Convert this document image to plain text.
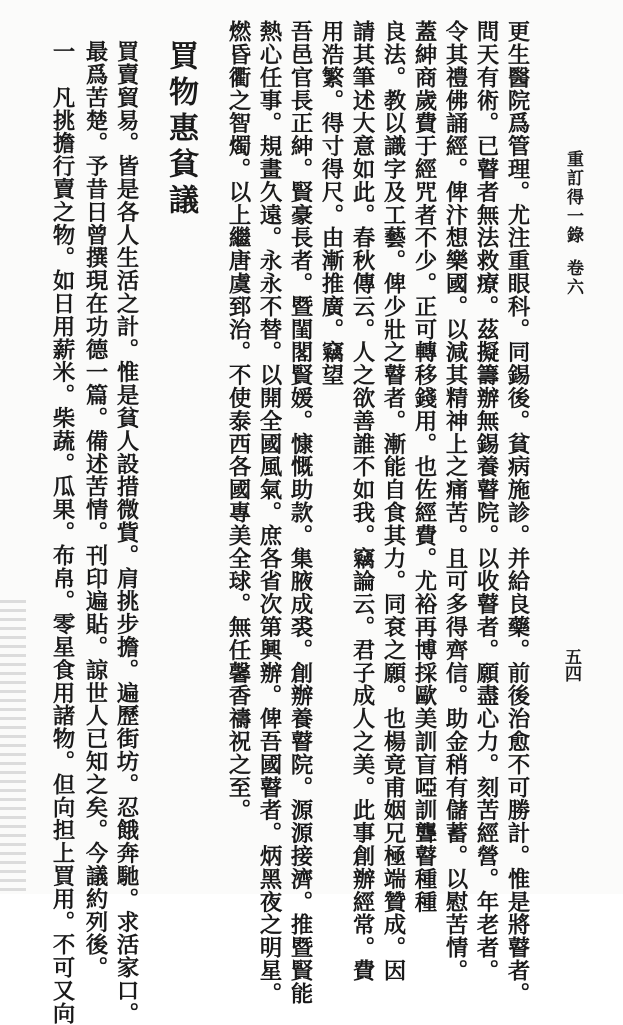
重訂得一錄卷六
五四
更生醫院爲管理。尤注重眼科。同錫後。貧病施診。并給良藥。前後治愈不可勝計。惟是將瞽者。
問天有術。已瞽者無法救療。茲擬籌辦無錫養瞽院。以收瞽者。願盡心力。刻苦經營。年老者。
令其禮佛誦經。俾汴想樂國。以減其精神上之痛苦。且可多得齊信。助金稍有儲蓄。以慰苦情。
蓋紳商歲費于經咒者不少。正可轉移錢用。也佐經費。尤裕再博採歐美訓盲啞訓聾瞽種種
良法。教以識字及工藝。俾少壯之瞽者。漸能自食其力。同袞之願。也楊竟甫姻兄極端贊成。因
請其筆述大意如此。春秋傳云。人之欲善誰不如我。竊論云。君子成人之美。此事創辦經常。費
用浩繁。得寸得尺。由漸推廣。竊望
吾邑官長正紳。賢豪長者。暨閨閣賢媛。慷慨助款。集腋成裘。創辦養瞽院。源源接濟。推暨賢能
熱心任事。規畫久遠。永永不替。以開全國風氣。庶各省次第興辦。俾吾國瞽者。炳黑夜之明星。
燃昏衢之智燭。以上繼唐虞郅治。不使泰西各國專美全球。無任馨香禱祝之至。
買物惠貧議
買賣貿易。皆是各人生活之計。惟是貧人設措微貲。肩挑步擔。遍歷街坊。忍餓奔馳。求活家口。
最爲苦楚。予昔日曾撰現在功德一篇。備述苦情。刊印遍貼。諒世人已知之矣。今議約列後。
一　凡挑擔行賣之物。如日用薪米。柴蔬。瓜果。布帛。零星食用諸物。但向担上買用。不可又向
